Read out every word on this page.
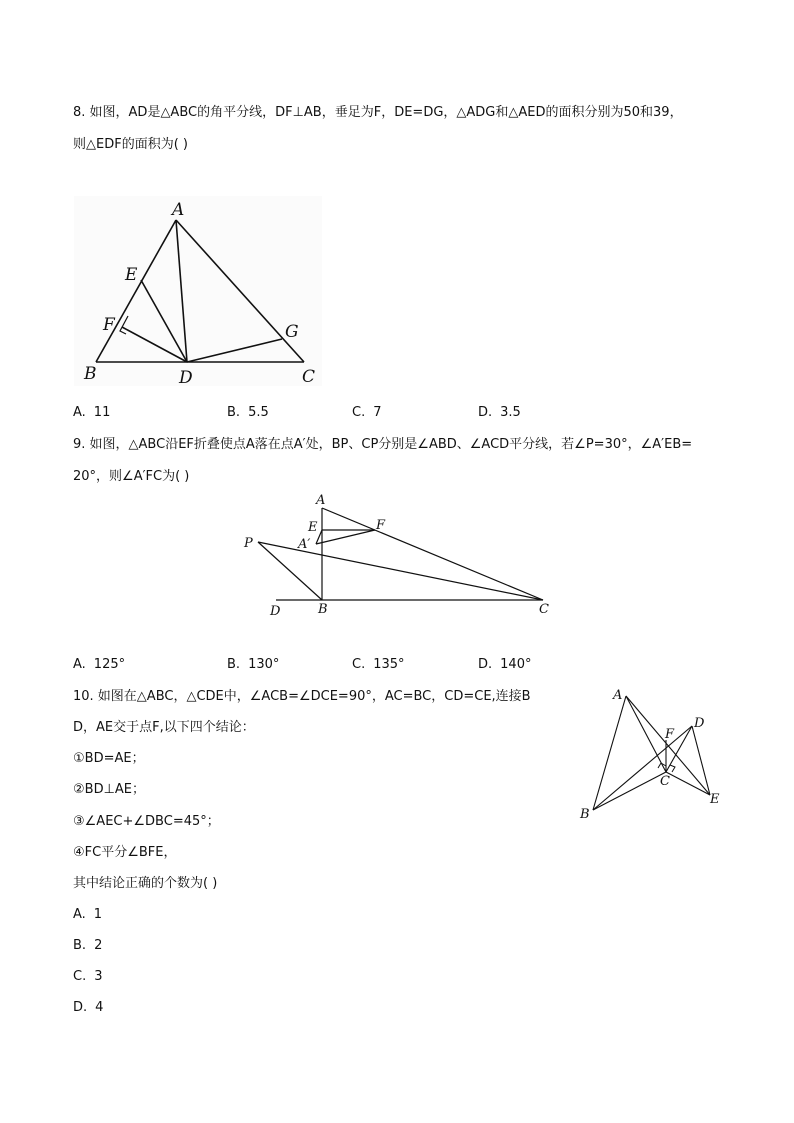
8. 如图，AD是△ABC的角平分线，DF⊥AB，垂足为F，DE=DG，△ADG和△AED的面积分别为50和39，
则△EDF的面积为( )
A
E
F	G
B	D	C
A. 11	B. 5.5	C. 7	D. 3.5
9. 如图，△ABC沿EF折叠使点A落在点A′处，BP、CP分别是∠ABD、∠ACD平分线，若∠P=30°，∠A′EB=
20°，则∠A′FC为( )
A
E	F
A′
P
D	B	C
A. 125°	B. 130°	C. 135°	D. 140°
10. 如图在△ABC，△CDE中，∠ACB=∠DCE=90°，AC=BC，CD=CE,连接B
D，AE交于点F,以下四个结论：
①BD=AE；
②BD⊥AE；
③∠AEC+∠DBC=45°；
④FC平分∠BFE，
其中结论正确的个数为( )
A
D
F
C
E
B
A. 1
B. 2
C. 3
D. 4
